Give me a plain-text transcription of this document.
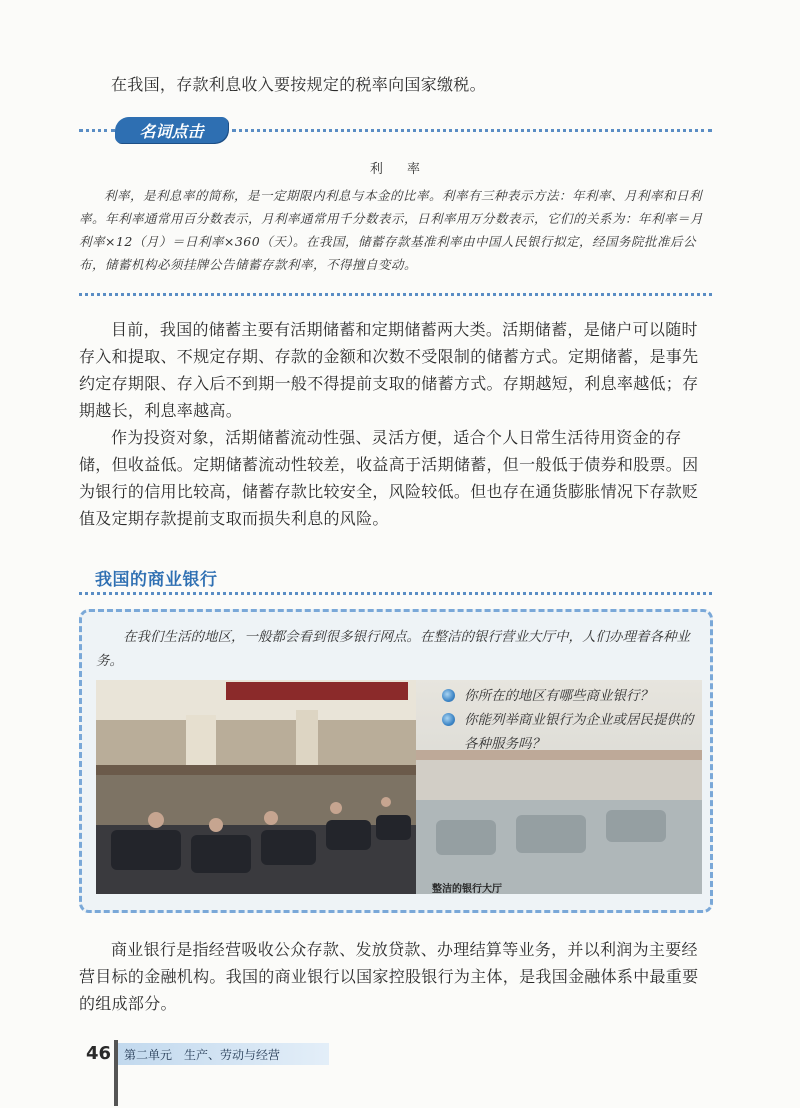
在我国，存款利息收入要按规定的税率向国家缴税。

名词点击
利 率

利率，是利息率的简称，是一定期限内利息与本金的比率。利率有三种表示方法：年利率、月利率和日利率。年利率通常用百分数表示，月利率通常用千分数表示，日利率用万分数表示，它们的关系为：年利率＝月利率×12（月）＝日利率×360（天）。在我国，储蓄存款基准利率由中国人民银行拟定，经国务院批准后公布，储蓄机构必须挂牌公告储蓄存款利率，不得擅自变动。

目前，我国的储蓄主要有活期储蓄和定期储蓄两大类。活期储蓄，是储户可以随时存入和提取、不规定存期、存款的金额和次数不受限制的储蓄方式。定期储蓄，是事先约定存期限、存入后不到期一般不得提前支取的储蓄方式。存期越短，利息率越低；存期越长，利息率越高。

作为投资对象，活期储蓄流动性强、灵活方便，适合个人日常生活待用资金的存储，但收益低。定期储蓄流动性较差，收益高于活期储蓄，但一般低于债券和股票。因为银行的信用比较高，储蓄存款比较安全，风险较低。但也存在通货膨胀情况下存款贬值及定期存款提前支取而损失利息的风险。

我国的商业银行

在我们生活的地区，一般都会看到很多银行网点。在整洁的银行营业大厅中，人们办理着各种业务。

你所在的地区有哪些商业银行？
你能列举商业银行为企业或居民提供的各种服务吗？
整洁的银行大厅

商业银行是指经营吸收公众存款、发放贷款、办理结算等业务，并以利润为主要经营目标的金融机构。我国的商业银行以国家控股银行为主体，是我国金融体系中最重要的组成部分。

46	第二单元　生产、劳动与经营
